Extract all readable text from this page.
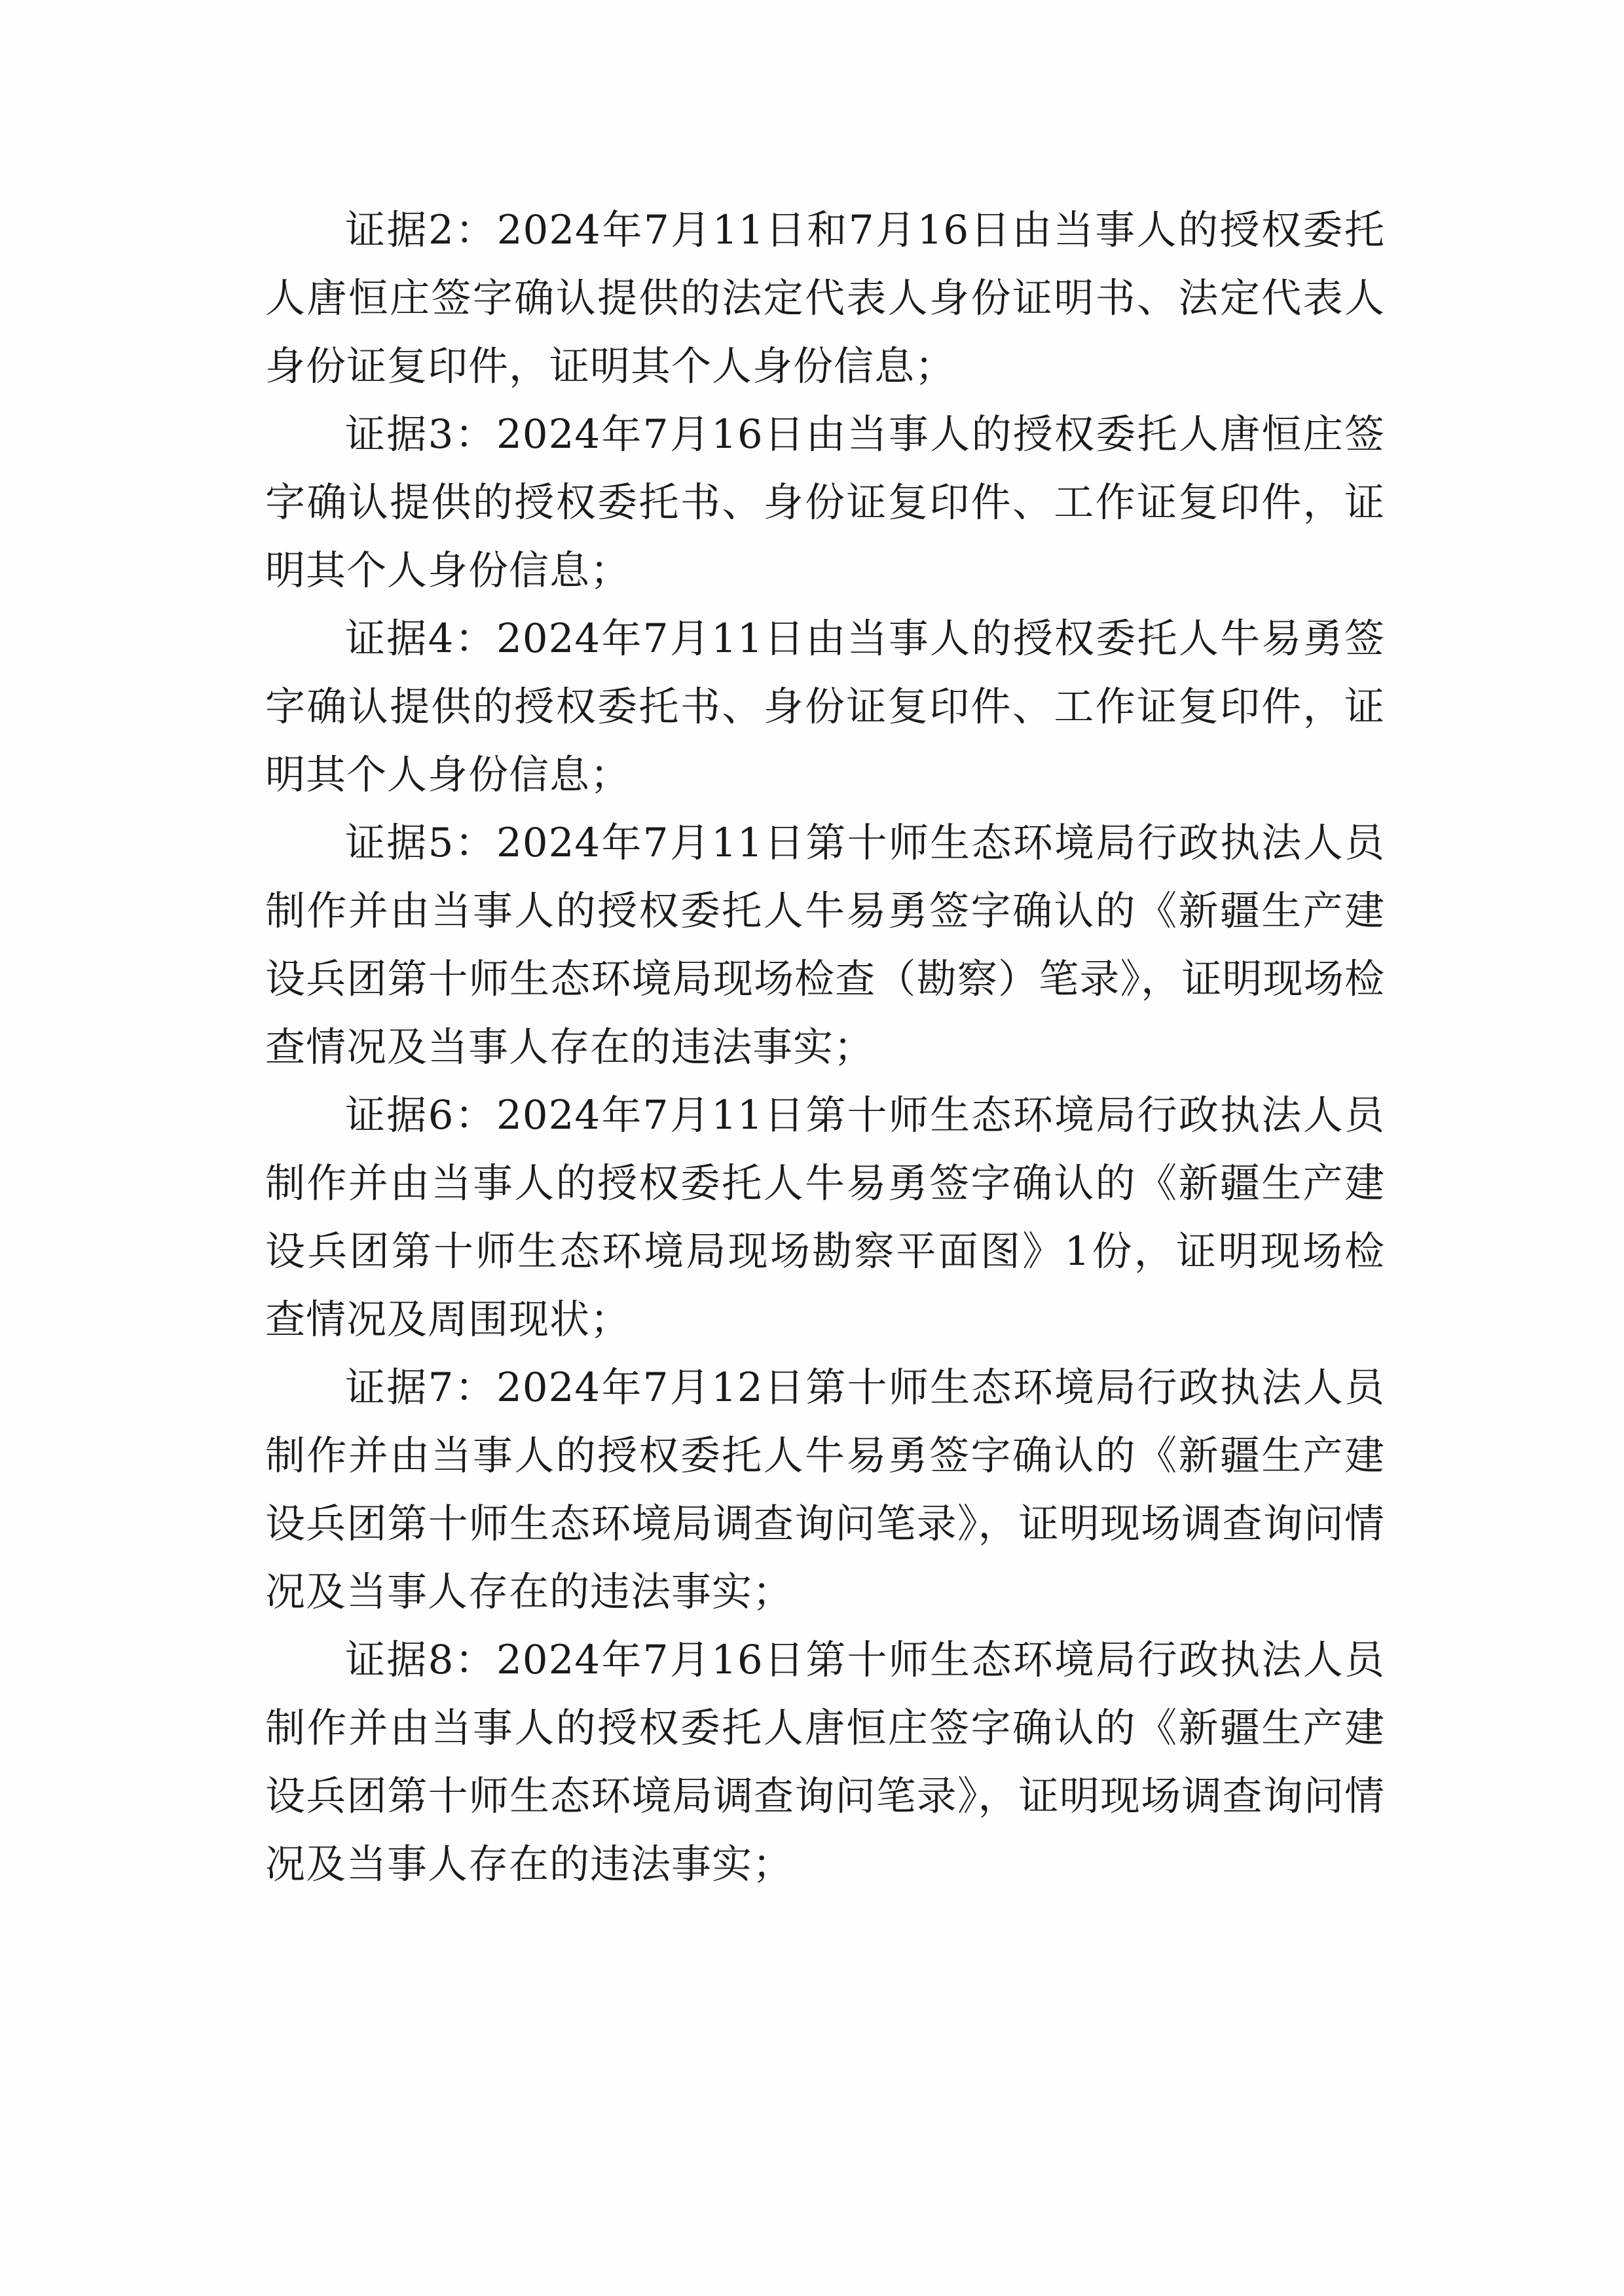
证据2：2024年7月11日和7月16日由当事人的授权委托人唐恒庄签字确认提供的法定代表人身份证明书、法定代表人身份证复印件，证明其个人身份信息；

证据3：2024年7月16日由当事人的授权委托人唐恒庄签字确认提供的授权委托书、身份证复印件、工作证复印件，证明其个人身份信息；

证据4：2024年7月11日由当事人的授权委托人牛易勇签字确认提供的授权委托书、身份证复印件、工作证复印件，证明其个人身份信息；

证据5：2024年7月11日第十师生态环境局行政执法人员制作并由当事人的授权委托人牛易勇签字确认的《新疆生产建设兵团第十师生态环境局现场检查（勘察）笔录》，证明现场检查情况及当事人存在的违法事实；

证据6：2024年7月11日第十师生态环境局行政执法人员制作并由当事人的授权委托人牛易勇签字确认的《新疆生产建设兵团第十师生态环境局现场勘察平面图》1份，证明现场检查情况及周围现状；

证据7：2024年7月12日第十师生态环境局行政执法人员制作并由当事人的授权委托人牛易勇签字确认的《新疆生产建设兵团第十师生态环境局调查询问笔录》，证明现场调查询问情况及当事人存在的违法事实；

证据8：2024年7月16日第十师生态环境局行政执法人员制作并由当事人的授权委托人唐恒庄签字确认的《新疆生产建设兵团第十师生态环境局调查询问笔录》，证明现场调查询问情况及当事人存在的违法事实；
